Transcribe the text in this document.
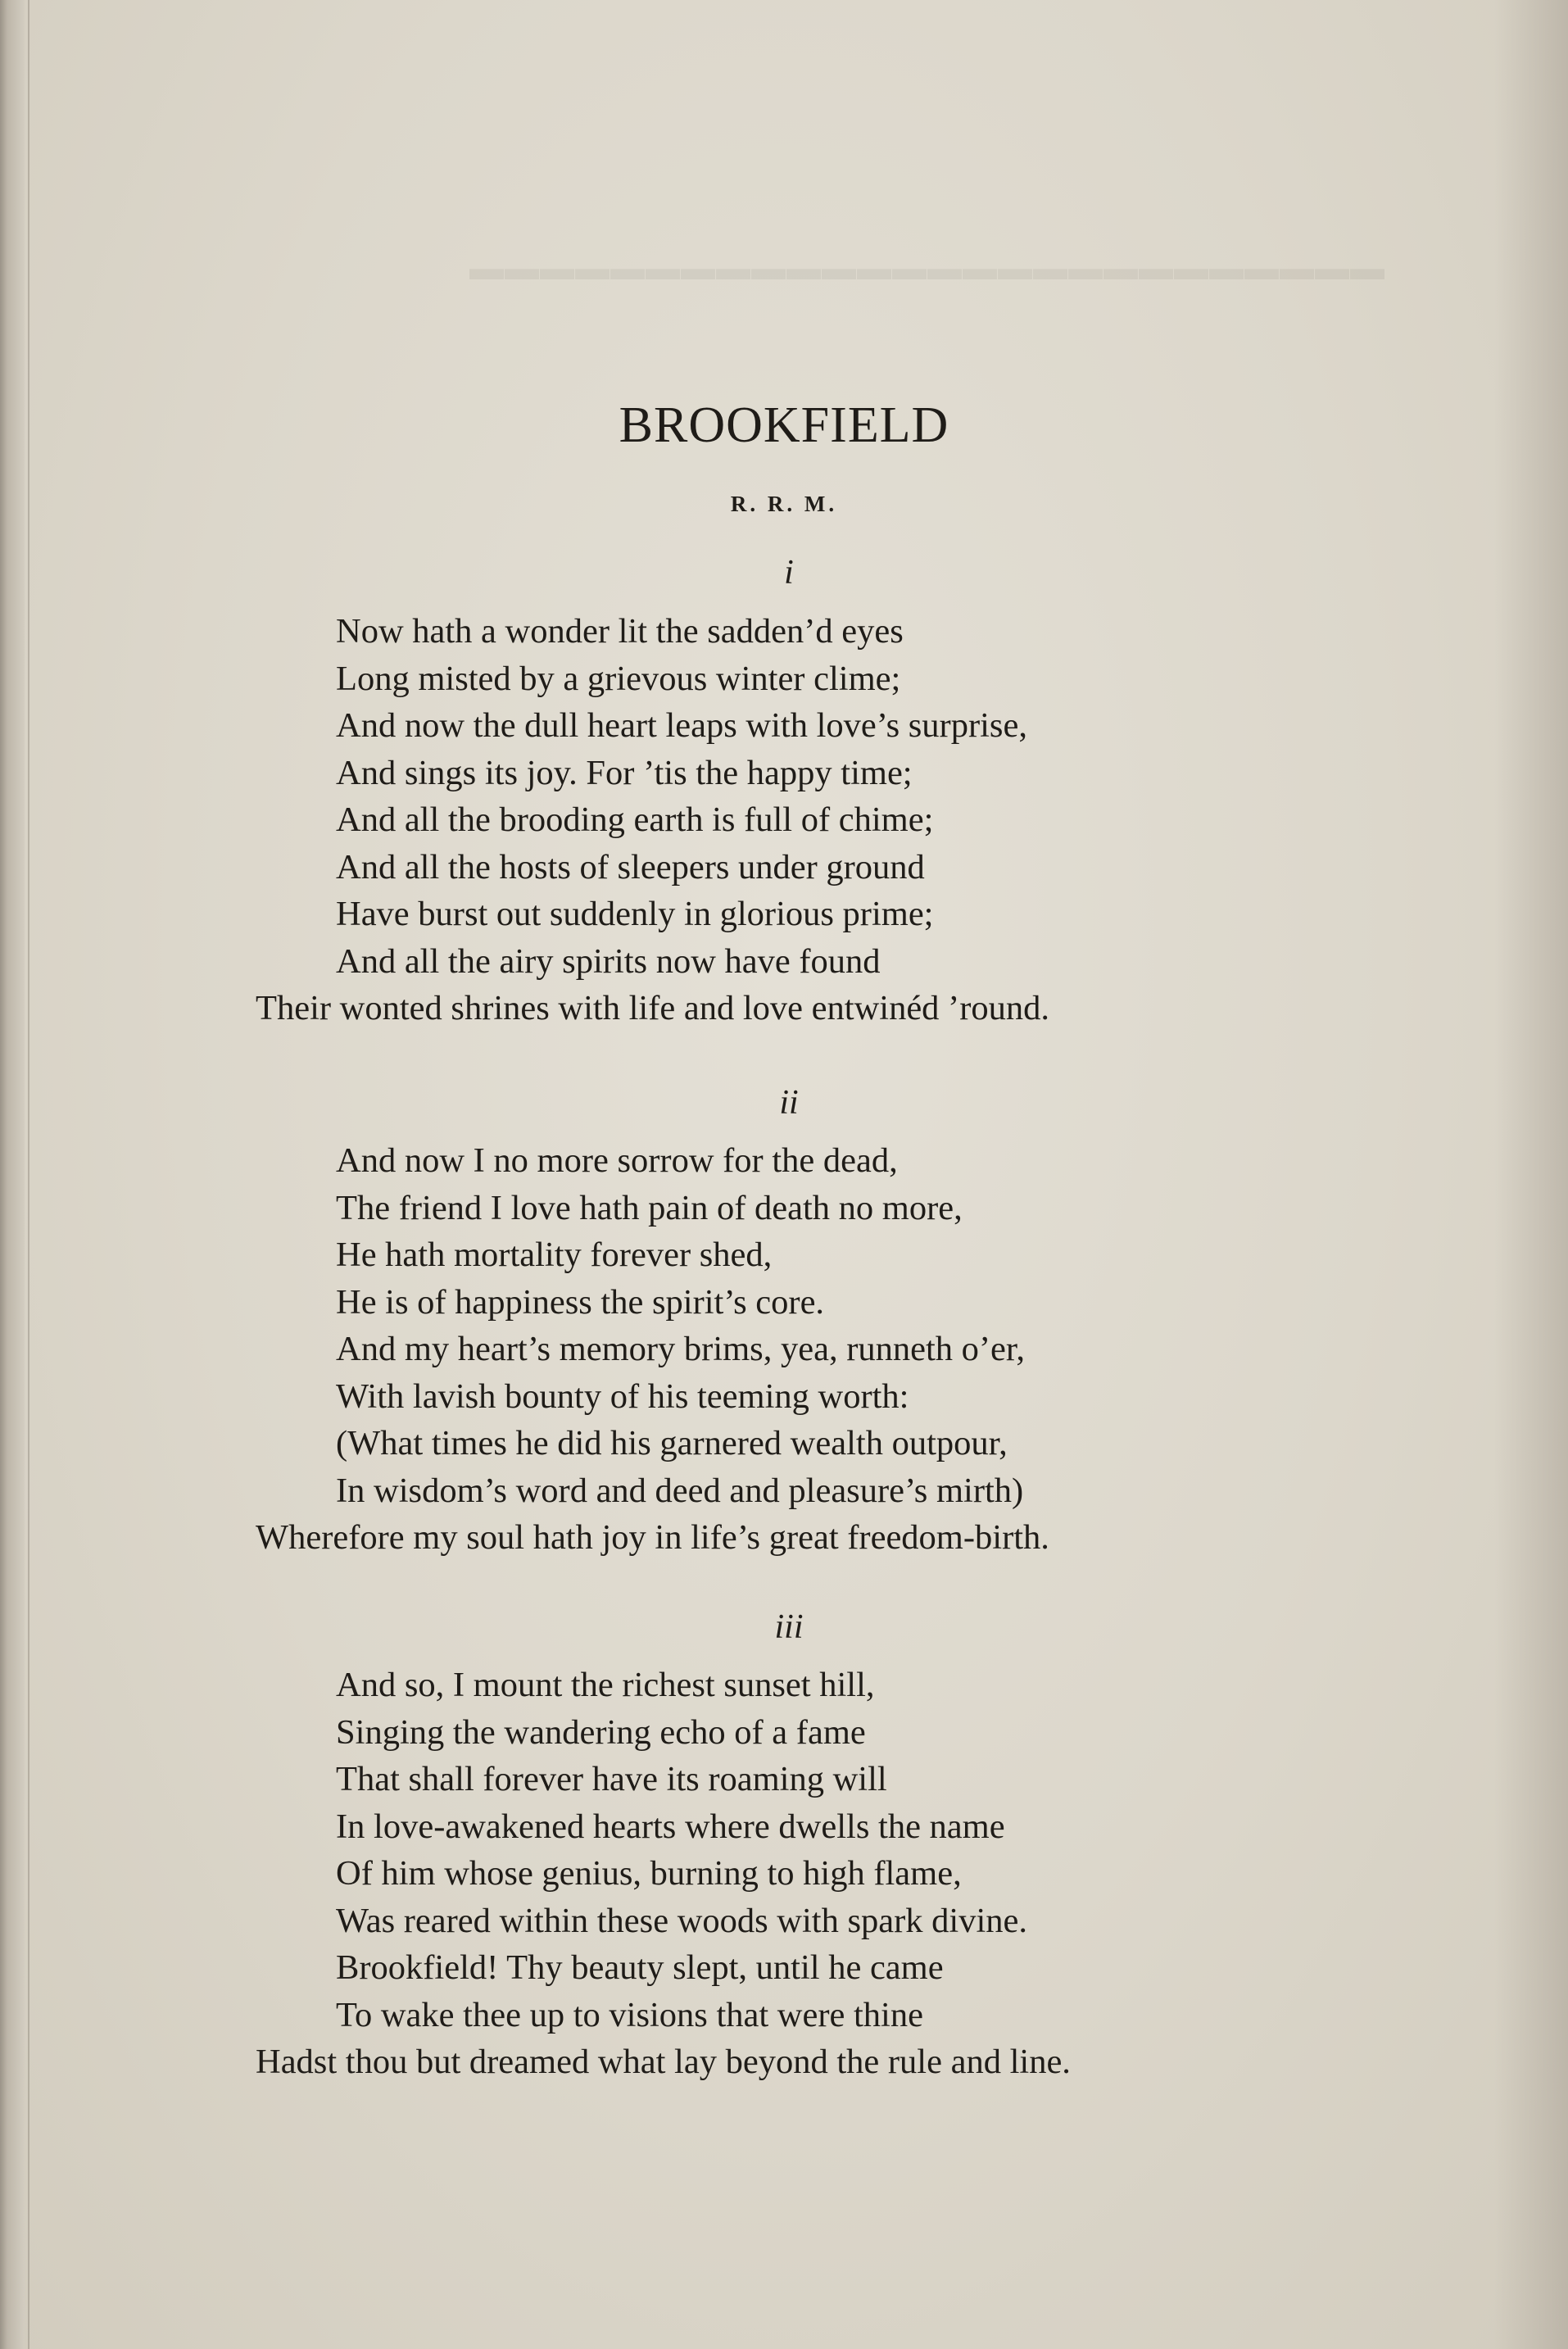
▬▬▬▬▬▬▬▬▬▬▬▬▬▬▬▬▬▬▬▬▬▬▬▬▬▬
BROOKFIELD
R. R. M.
i
Now hath a wonder lit the sadden’d eyes
Long misted by a grievous winter clime;
And now the dull heart leaps with love’s surprise,
And sings its joy. For ’tis the happy time;
And all the brooding earth is full of chime;
And all the hosts of sleepers under ground
Have burst out suddenly in glorious prime;
And all the airy spirits now have found
Their wonted shrines with life and love entwinéd ’round.
ii
And now I no more sorrow for the dead,
The friend I love hath pain of death no more,
He hath mortality forever shed,
He is of happiness the spirit’s core.
And my heart’s memory brims, yea, runneth o’er,
With lavish bounty of his teeming worth:
(What times he did his garnered wealth outpour,
In wisdom’s word and deed and pleasure’s mirth)
Wherefore my soul hath joy in life’s great freedom-birth.
iii
And so, I mount the richest sunset hill,
Singing the wandering echo of a fame
That shall forever have its roaming will
In love-awakened hearts where dwells the name
Of him whose genius, burning to high flame,
Was reared within these woods with spark divine.
Brookfield! Thy beauty slept, until he came
To wake thee up to visions that were thine
Hadst thou but dreamed what lay beyond the rule and line.
